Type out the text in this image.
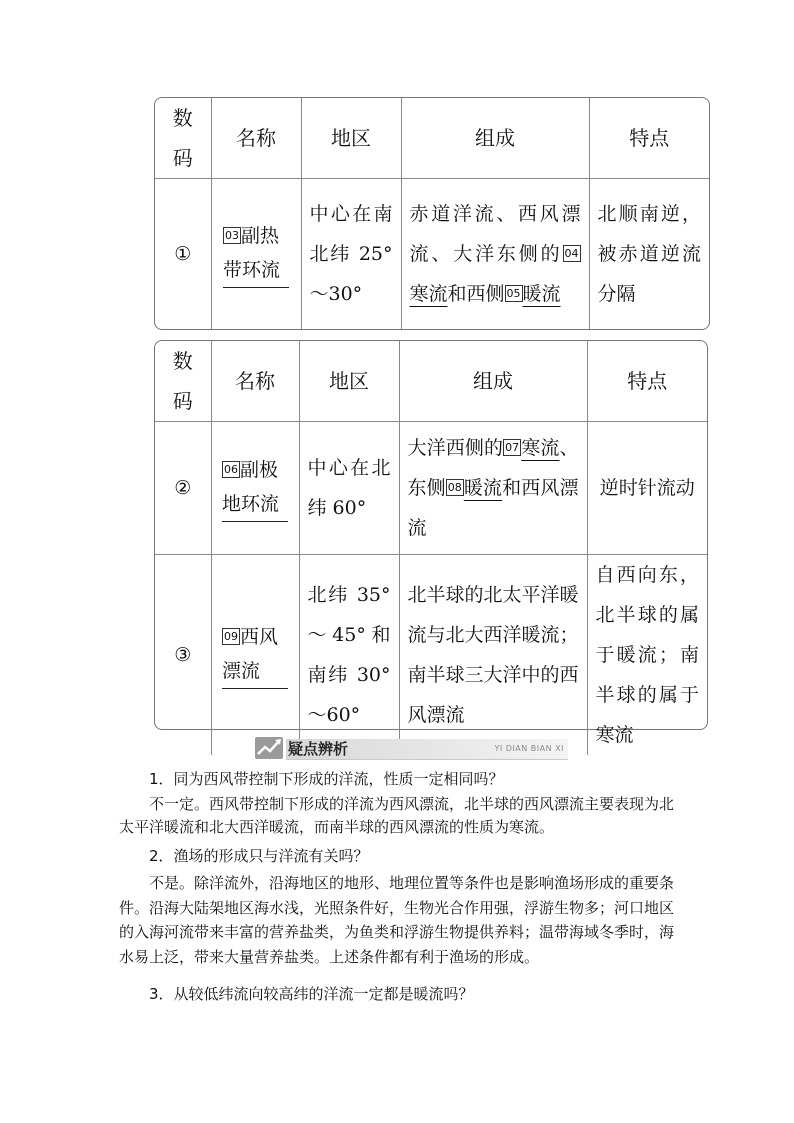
数码	名称	地区	组成	特点
①	03 副热带环流	中心在南北纬 25°～30°	赤道洋流、西风漂流、大洋东侧的 04 寒流和西侧 05 暖流	北顺南逆，被赤道逆流分隔
数码	名称	地区	组成	特点
②	06 副极地环流	中心在北纬 60°	大洋西侧的 07 寒流、东侧 08 暖流和西风漂流	逆时针流动
③	09 西风漂流	北纬 35°～45°和南纬 30°～60°	北半球的北太平洋暖流与北大西洋暖流；南半球三大洋中的西风漂流	自西向东，北半球的属于暖流；南半球的属于寒流
疑点辨析	YI DIAN BIAN XI
1．同为西风带控制下形成的洋流，性质一定相同吗？
不一定。西风带控制下形成的洋流为西风漂流，北半球的西风漂流主要表现为北太平洋暖流和北大西洋暖流，而南半球的西风漂流的性质为寒流。
2．渔场的形成只与洋流有关吗？
不是。除洋流外，沿海地区的地形、地理位置等条件也是影响渔场形成的重要条件。沿海大陆架地区海水浅，光照条件好，生物光合作用强，浮游生物多；河口地区的入海河流带来丰富的营养盐类，为鱼类和浮游生物提供养料；温带海域冬季时，海水易上泛，带来大量营养盐类。上述条件都有利于渔场的形成。
3．从较低纬流向较高纬的洋流一定都是暖流吗？
